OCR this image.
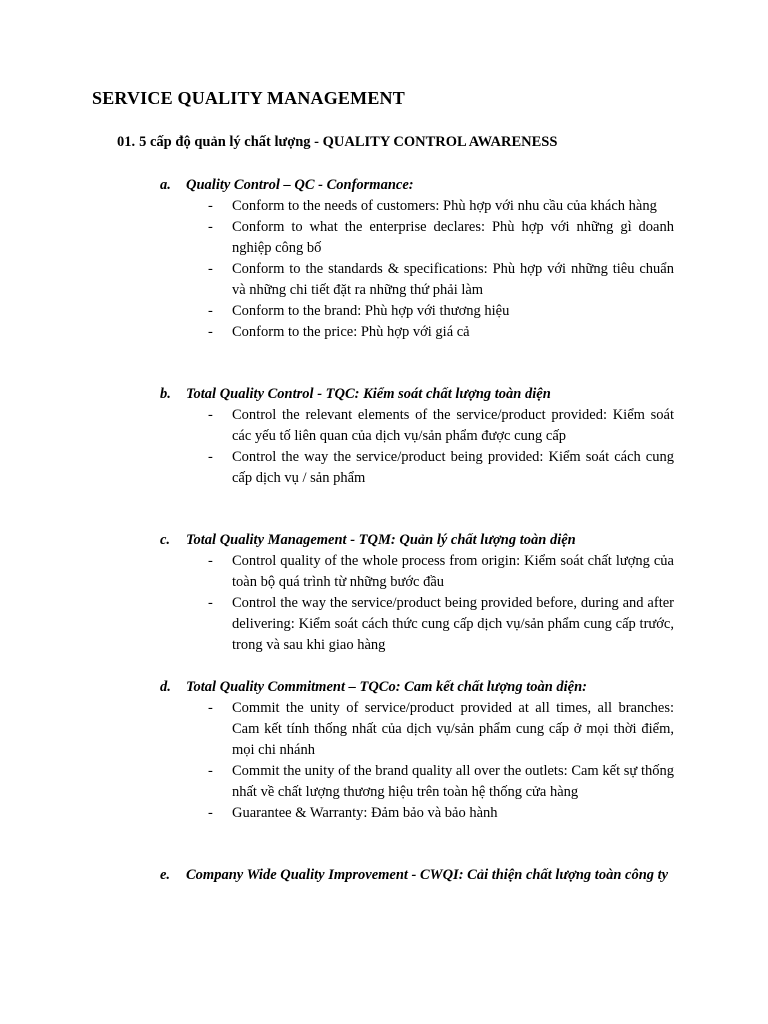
SERVICE QUALITY MANAGEMENT
01. 5 cấp độ quản lý chất lượng - QUALITY CONTROL AWARENESS
a. Quality Control – QC - Conformance:
- Conform to the needs of customers: Phù hợp với nhu cầu của khách hàng
- Conform to what the enterprise declares: Phù hợp với những gì doanh nghiệp công bố
- Conform to the standards & specifications: Phù hợp với những tiêu chuẩn và những chi tiết đặt ra những thứ phải làm
- Conform to the brand: Phù hợp với thương hiệu
- Conform to the price: Phù hợp với giá cả
b. Total Quality Control - TQC: Kiểm soát chất lượng toàn diện
- Control the relevant elements of the service/product provided: Kiểm soát các yếu tố liên quan của dịch vụ/sản phẩm được cung cấp
- Control the way the service/product being provided: Kiểm soát cách cung cấp dịch vụ / sản phẩm
c. Total Quality Management - TQM: Quản lý chất lượng toàn diện
- Control quality of the whole process from origin: Kiểm soát chất lượng của toàn bộ quá trình từ những bước đầu
- Control the way the service/product being provided before, during and after delivering: Kiểm soát cách thức cung cấp dịch vụ/sản phẩm cung cấp trước, trong và sau khi giao hàng
d. Total Quality Commitment – TQCo: Cam kết chất lượng toàn diện:
- Commit the unity of service/product provided at all times, all branches: Cam kết tính thống nhất của dịch vụ/sản phẩm cung cấp ở mọi thời điểm, mọi chi nhánh
- Commit the unity of the brand quality all over the outlets: Cam kết sự thống nhất về chất lượng thương hiệu trên toàn hệ thống cửa hàng
- Guarantee & Warranty: Đảm bảo và bảo hành
e. Company Wide Quality Improvement - CWQI: Cải thiện chất lượng toàn công ty
